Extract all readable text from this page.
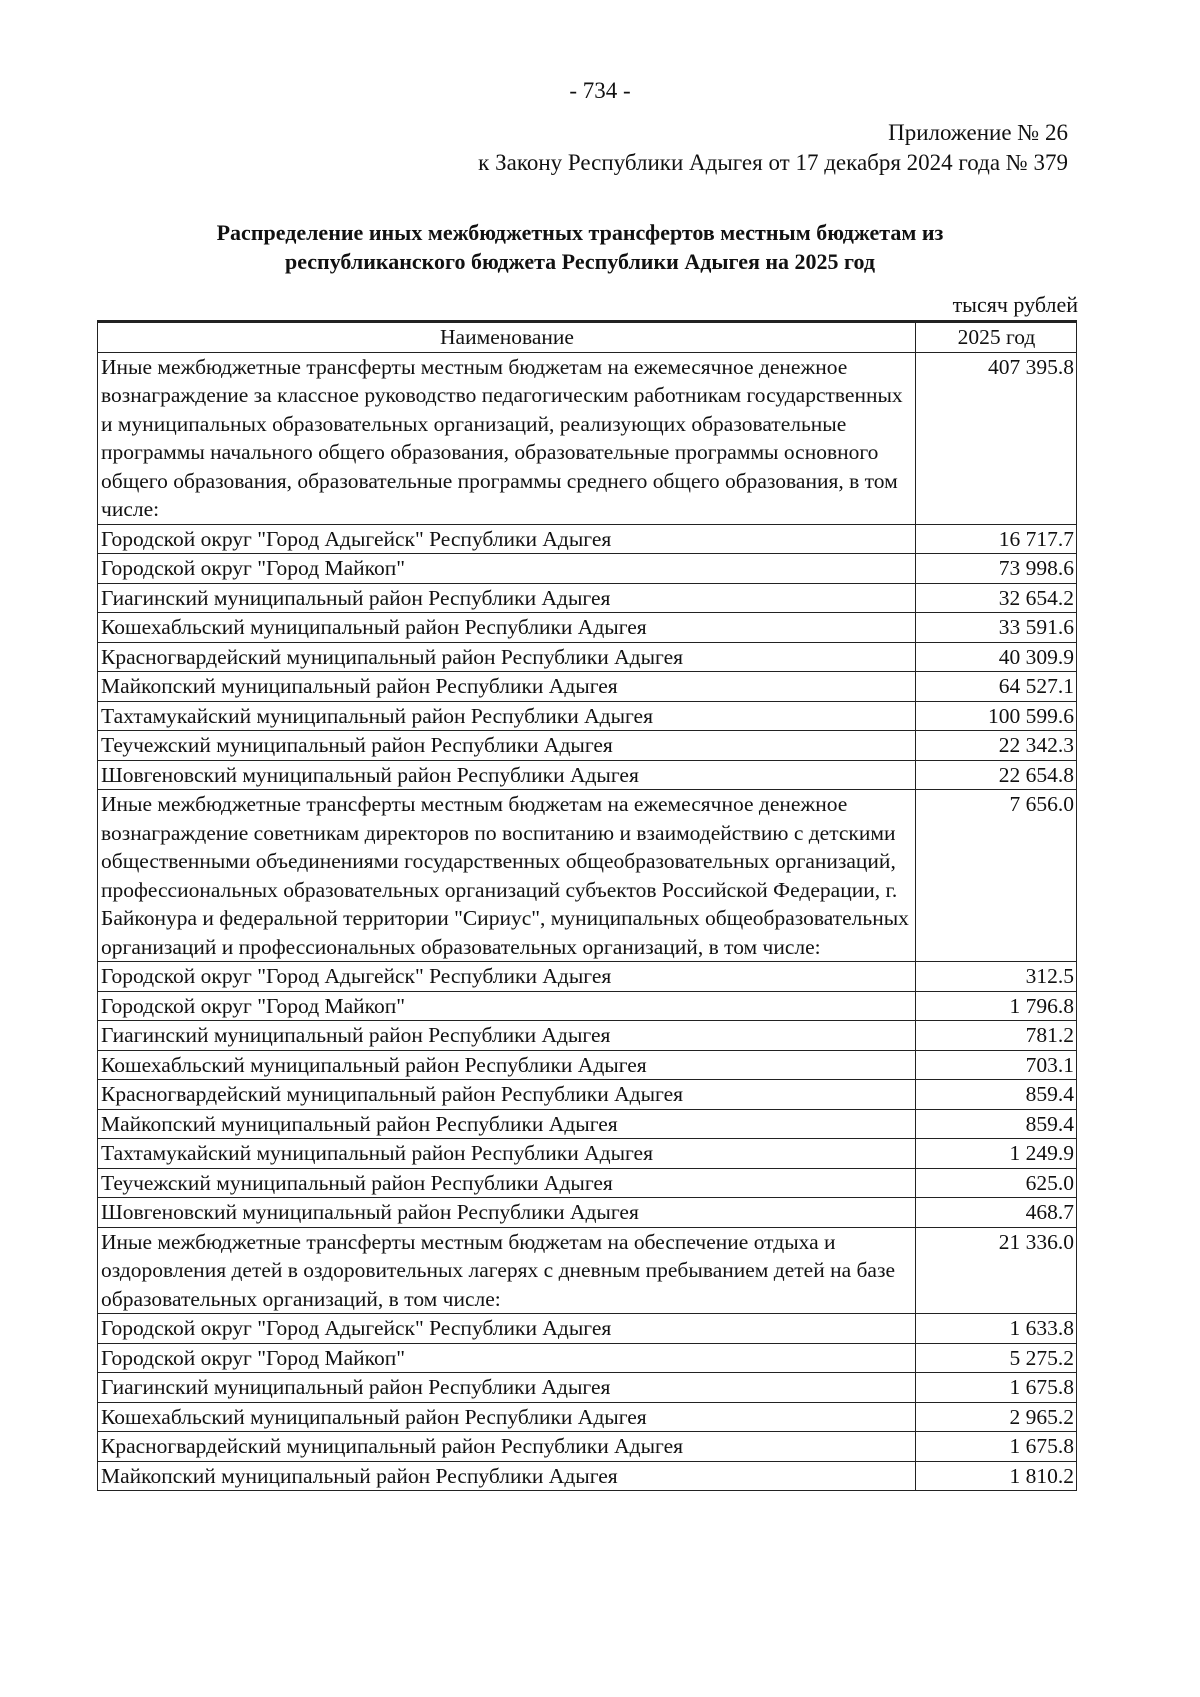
- 734 -
Приложение № 26
к Закону Республики Адыгея от 17 декабря 2024 года № 379
Распределение иных межбюджетных трансфертов местным бюджетам из
республиканского бюджета Республики Адыгея на 2025 год
тысяч рублей
Наименование	2025 год
Иные межбюджетные трансферты местным бюджетам на ежемесячное денежное вознаграждение за классное руководство педагогическим работникам государственных и муниципальных образовательных организаций, реализующих образовательные программы начального общего образования, образовательные программы основного общего образования, образовательные программы среднего общего образования, в том числе:	407 395.8
Городской округ "Город Адыгейск" Республики Адыгея	16 717.7
Городской округ "Город Майкоп"	73 998.6
Гиагинский муниципальный район Республики Адыгея	32 654.2
Кошехабльский муниципальный район Республики Адыгея	33 591.6
Красногвардейский муниципальный район Республики Адыгея	40 309.9
Майкопский муниципальный район Республики Адыгея	64 527.1
Тахтамукайский муниципальный район Республики Адыгея	100 599.6
Теучежский муниципальный район Республики Адыгея	22 342.3
Шовгеновский муниципальный район Республики Адыгея	22 654.8
Иные межбюджетные трансферты местным бюджетам на ежемесячное денежное вознаграждение советникам директоров по воспитанию и взаимодействию с детскими общественными объединениями государственных общеобразовательных организаций, профессиональных образовательных организаций субъектов Российской Федерации, г. Байконура и федеральной территории "Сириус", муниципальных общеобразовательных организаций и профессиональных образовательных организаций, в том числе:	7 656.0
Городской округ "Город Адыгейск" Республики Адыгея	312.5
Городской округ "Город Майкоп"	1 796.8
Гиагинский муниципальный район Республики Адыгея	781.2
Кошехабльский муниципальный район Республики Адыгея	703.1
Красногвардейский муниципальный район Республики Адыгея	859.4
Майкопский муниципальный район Республики Адыгея	859.4
Тахтамукайский муниципальный район Республики Адыгея	1 249.9
Теучежский муниципальный район Республики Адыгея	625.0
Шовгеновский муниципальный район Республики Адыгея	468.7
Иные межбюджетные трансферты местным бюджетам на обеспечение отдыха и оздоровления детей в оздоровительных лагерях с дневным пребыванием детей на базе образовательных организаций, в том числе:	21 336.0
Городской округ "Город Адыгейск" Республики Адыгея	1 633.8
Городской округ "Город Майкоп"	5 275.2
Гиагинский муниципальный район Республики Адыгея	1 675.8
Кошехабльский муниципальный район Республики Адыгея	2 965.2
Красногвардейский муниципальный район Республики Адыгея	1 675.8
Майкопский муниципальный район Республики Адыгея	1 810.2
